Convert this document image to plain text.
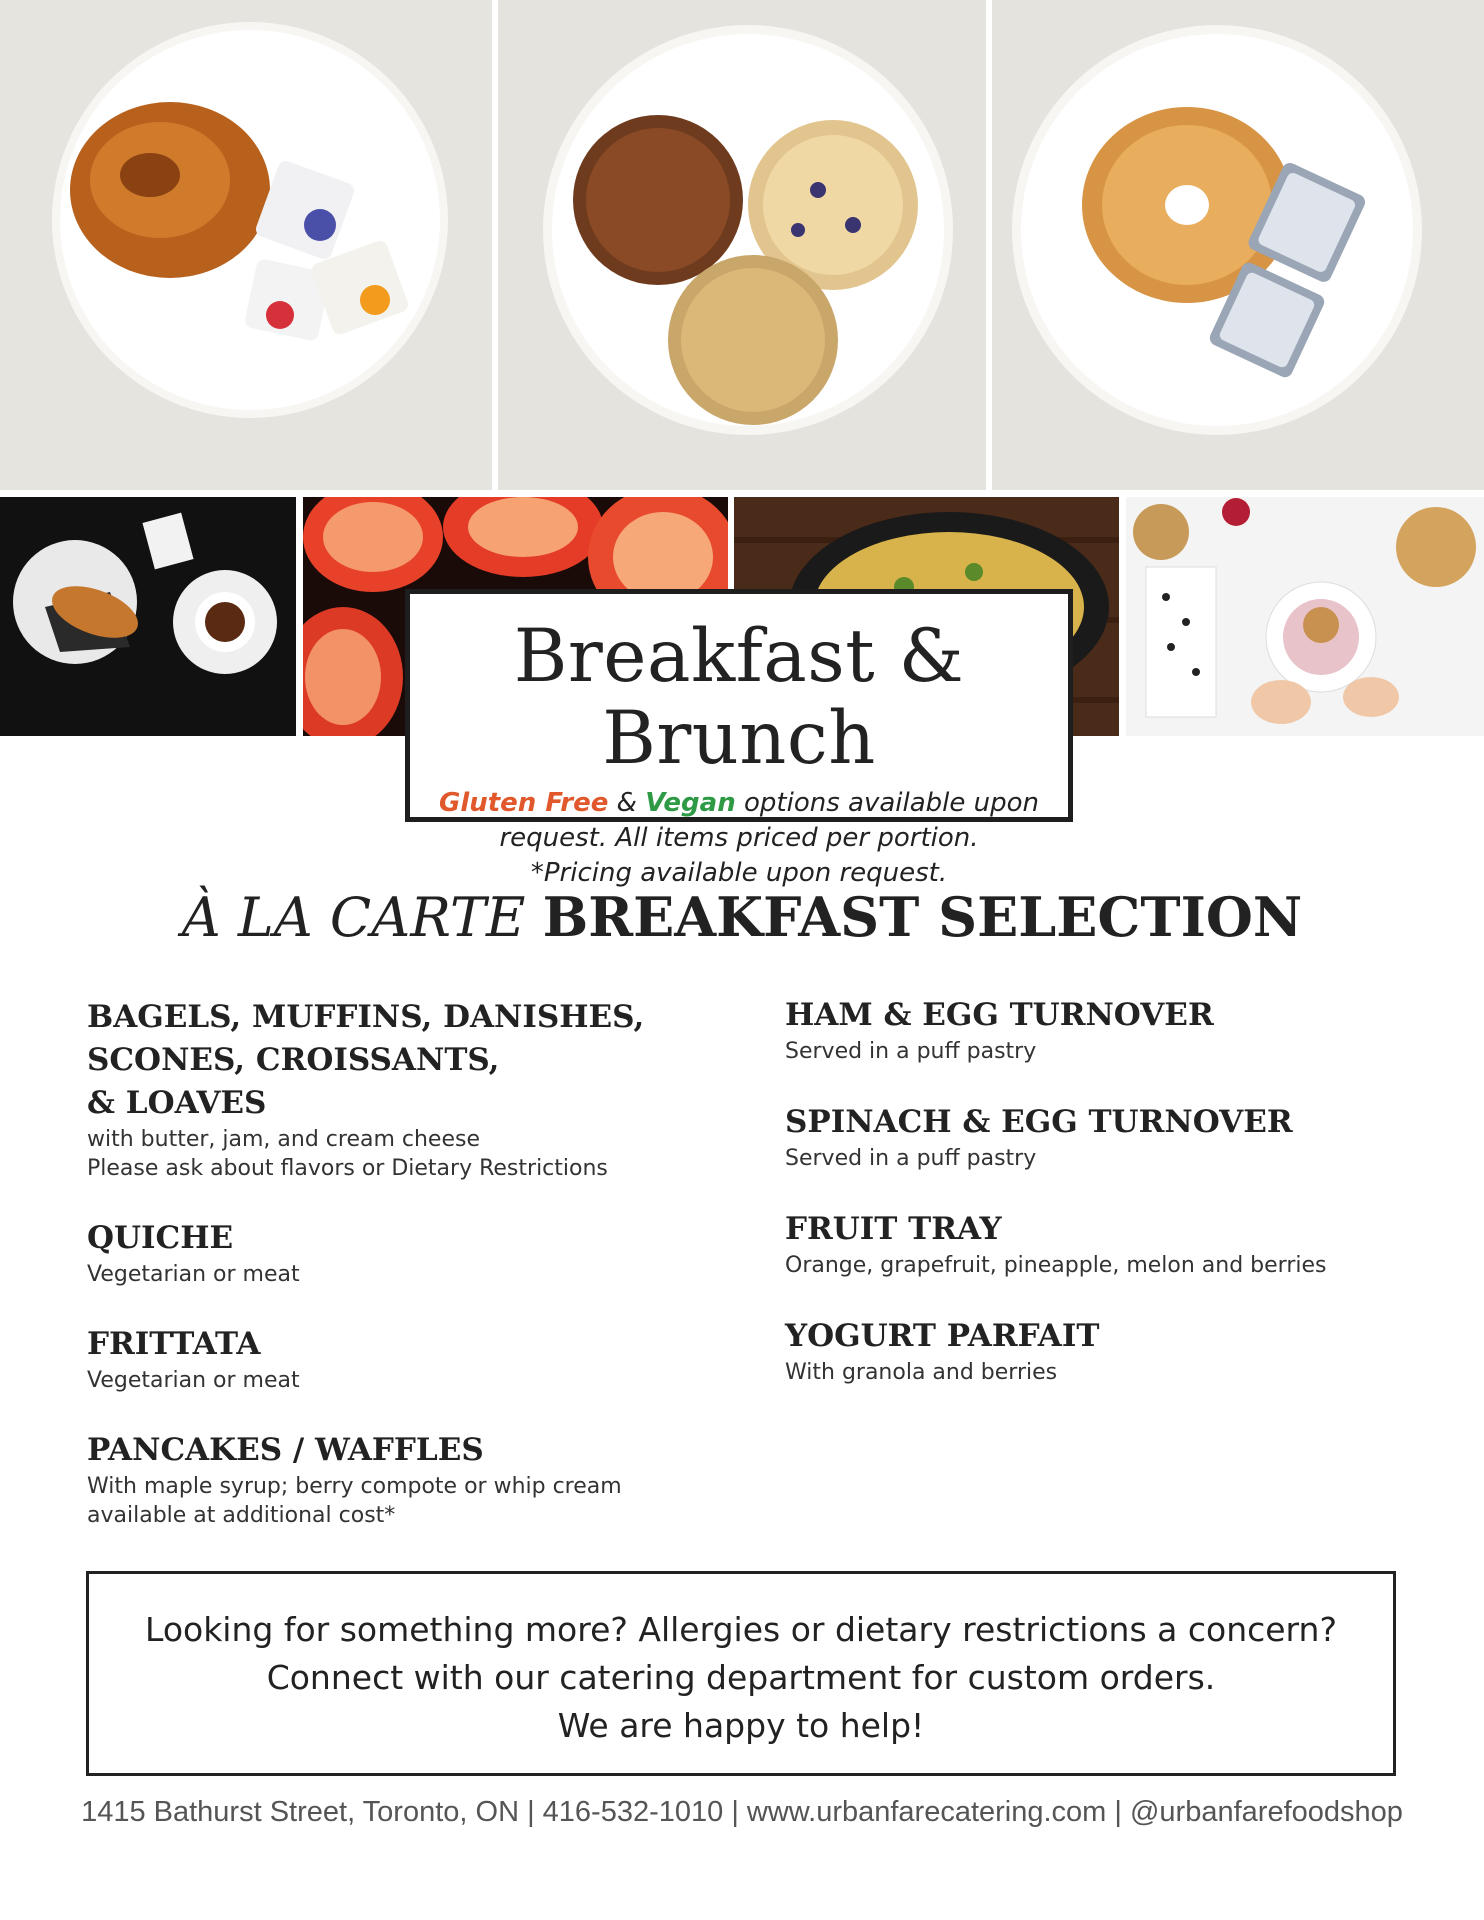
Breakfast & Brunch
Gluten Free & Vegan options available upon
request. All items priced per portion.
*Pricing available upon request.
À LA CARTE BREAKFAST SELECTION
BAGELS, MUFFINS, DANISHES,
SCONES, CROISSANTS,
& LOAVES
with butter, jam, and cream cheese
Please ask about flavors or Dietary Restrictions
QUICHE
Vegetarian or meat
FRITTATA
Vegetarian or meat
PANCAKES / WAFFLES
With maple syrup; berry compote or whip cream
available at additional cost*
HAM & EGG TURNOVER
Served in a puff pastry
SPINACH & EGG TURNOVER
Served in a puff pastry
FRUIT TRAY
Orange, grapefruit, pineapple, melon and berries
YOGURT PARFAIT
With granola and berries
Looking for something more? Allergies or dietary restrictions a concern?
Connect with our catering department for custom orders.
We are happy to help!
1415 Bathurst Street, Toronto, ON | 416-532-1010 | www.urbanfarecatering.com | @urbanfarefoodshop
